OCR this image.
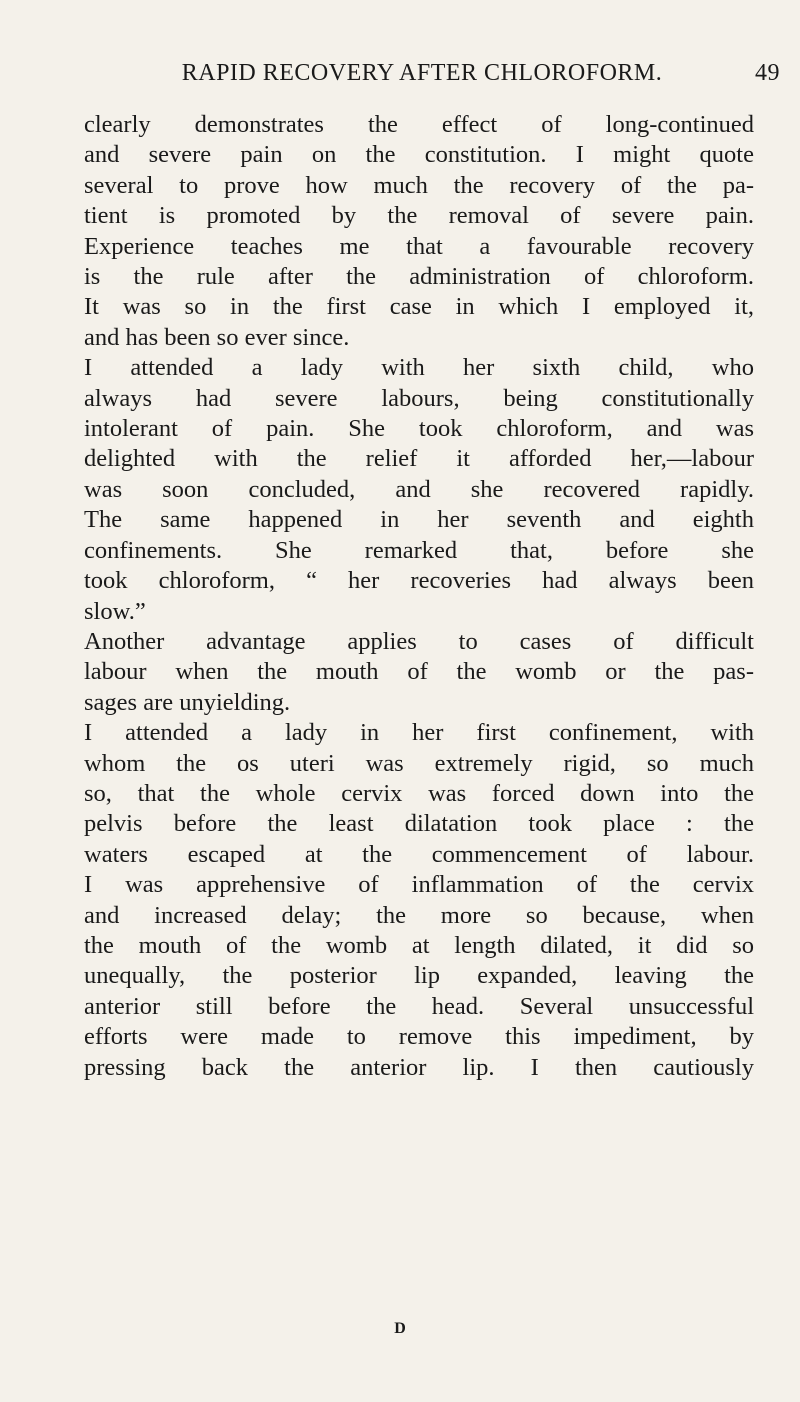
RAPID RECOVERY AFTER CHLOROFORM.	49
clearly demonstrates the effect of long-continued
and severe pain on the constitution. I might quote
several to prove how much the recovery of the pa-
tient is promoted by the removal of severe pain.
Experience teaches me that a favourable recovery
is the rule after the administration of chloroform.
It was so in the first case in which I employed it,
and has been so ever since.
I attended a lady with her sixth child, who
always had severe labours, being constitutionally
intolerant of pain. She took chloroform, and was
delighted with the relief it afforded her,—labour
was soon concluded, and she recovered rapidly.
The same happened in her seventh and eighth
confinements. She remarked that, before she
took chloroform, “ her recoveries had always been
slow.”
Another advantage applies to cases of difficult
labour when the mouth of the womb or the pas-
sages are unyielding.
I attended a lady in her first confinement, with
whom the os uteri was extremely rigid, so much
so, that the whole cervix was forced down into the
pelvis before the least dilatation took place : the
waters escaped at the commencement of labour.
I was apprehensive of inflammation of the cervix
and increased delay; the more so because, when
the mouth of the womb at length dilated, it did so
unequally, the posterior lip expanded, leaving the
anterior still before the head. Several unsuccessful
efforts were made to remove this impediment, by
pressing back the anterior lip. I then cautiously
D
